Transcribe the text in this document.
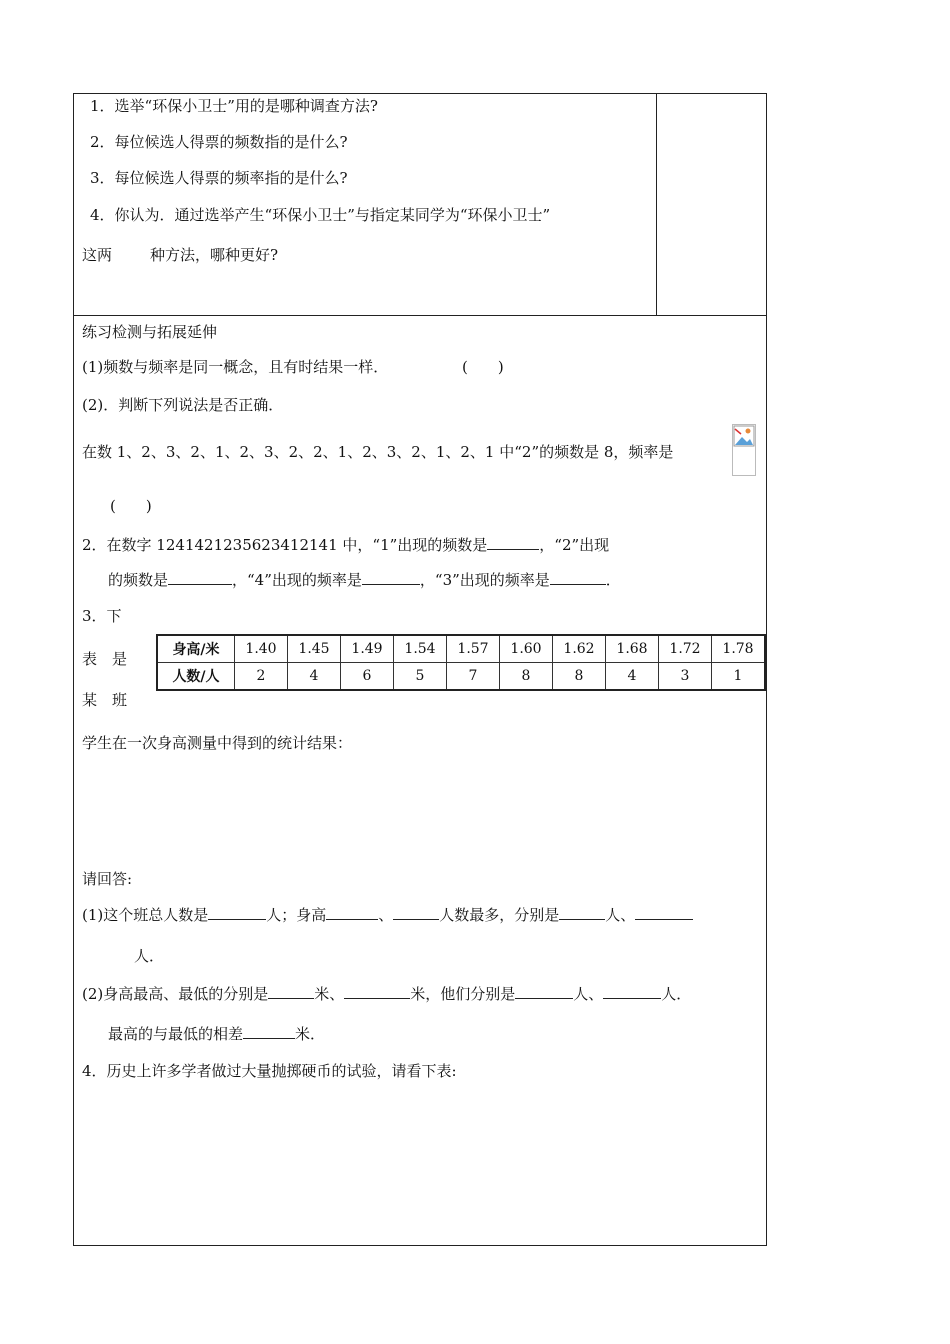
1．选举“环保小卫士”用的是哪种调查方法?
2．每位候选人得票的频数指的是什么?
3．每位候选人得票的频率指的是什么?
4．你认为．通过选举产生“环保小卫士”与指定某同学为“环保小卫士”
这两	种方法，哪种更好?
练习检测与拓展延伸
(1)频数与频率是同一概念，且有时结果一样．	(　　)
(2)．判断下列说法是否正确．
在数 1、2、3、2、1、2、3、2、2、1、2、3、2、1、2、1 中“2”的频数是 8，频率是
(　　)
2．在数字 1241421235623412141 中，“1”出现的频数是	，“2”出现
的频数是	，“4”出现的频率是	，“3”出现的频率是	．
3．下
表　是
某　班
身高/米	1.40	1.45	1.49	1.54	1.57	1.60	1.62	1.68	1.72	1.78
人数/人	2	4	6	5	7	8	8	4	3	1
学生在一次身高测量中得到的统计结果：
请回答:
(1)这个班总人数是	人；身高	、	人数最多，分别是	人、
人．
(2)身高最高、最低的分别是	米、	米，他们分别是	人、	人．
最高的与最低的相差	米．
4．历史上许多学者做过大量抛掷硬币的试验，请看下表:
